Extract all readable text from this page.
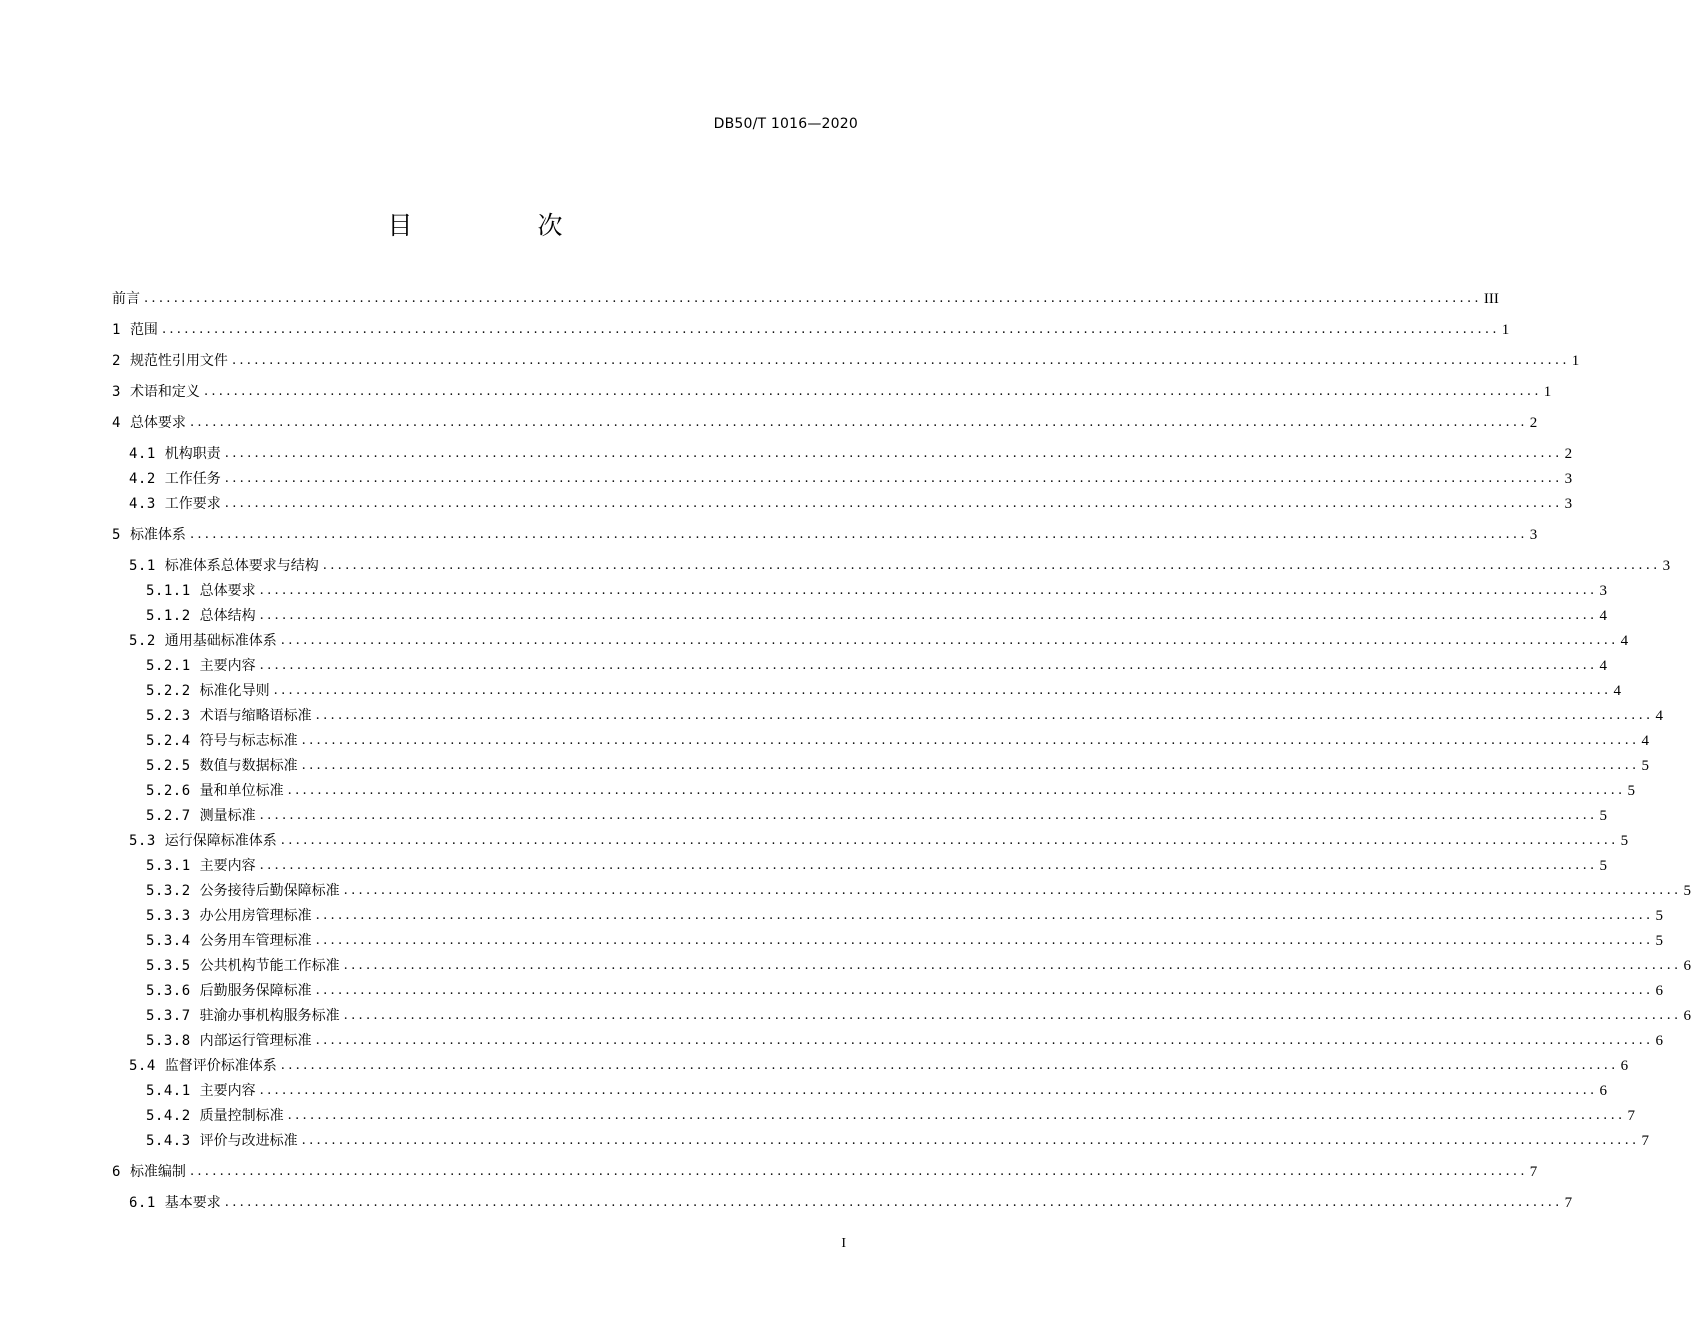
DB50/T 1016—2020
目　次
前言 .................................................................................................................................................................................... III
1 范围 .................................................................................................................................................................................... 1
2 规范性引用文件 .................................................................................................................................................................................... 1
3 术语和定义 .................................................................................................................................................................................... 1
4 总体要求 .................................................................................................................................................................................... 2
4.1 机构职责 .................................................................................................................................................................................... 2
4.2 工作任务 .................................................................................................................................................................................... 3
4.3 工作要求 .................................................................................................................................................................................... 3
5 标准体系 .................................................................................................................................................................................... 3
5.1 标准体系总体要求与结构 .................................................................................................................................................................................... 3
5.1.1 总体要求 .................................................................................................................................................................................... 3
5.1.2 总体结构 .................................................................................................................................................................................... 4
5.2 通用基础标准体系 .................................................................................................................................................................................... 4
5.2.1 主要内容 .................................................................................................................................................................................... 4
5.2.2 标准化导则 .................................................................................................................................................................................... 4
5.2.3 术语与缩略语标准 .................................................................................................................................................................................... 4
5.2.4 符号与标志标准 .................................................................................................................................................................................... 4
5.2.5 数值与数据标准 .................................................................................................................................................................................... 5
5.2.6 量和单位标准 .................................................................................................................................................................................... 5
5.2.7 测量标准 .................................................................................................................................................................................... 5
5.3 运行保障标准体系 .................................................................................................................................................................................... 5
5.3.1 主要内容 .................................................................................................................................................................................... 5
5.3.2 公务接待后勤保障标准 .................................................................................................................................................................................... 5
5.3.3 办公用房管理标准 .................................................................................................................................................................................... 5
5.3.4 公务用车管理标准 .................................................................................................................................................................................... 5
5.3.5 公共机构节能工作标准 .................................................................................................................................................................................... 6
5.3.6 后勤服务保障标准 .................................................................................................................................................................................... 6
5.3.7 驻渝办事机构服务标准 .................................................................................................................................................................................... 6
5.3.8 内部运行管理标准 .................................................................................................................................................................................... 6
5.4 监督评价标准体系 .................................................................................................................................................................................... 6
5.4.1 主要内容 .................................................................................................................................................................................... 6
5.4.2 质量控制标准 .................................................................................................................................................................................... 7
5.4.3 评价与改进标准 .................................................................................................................................................................................... 7
6 标准编制 .................................................................................................................................................................................... 7
6.1 基本要求 .................................................................................................................................................................................... 7
I
